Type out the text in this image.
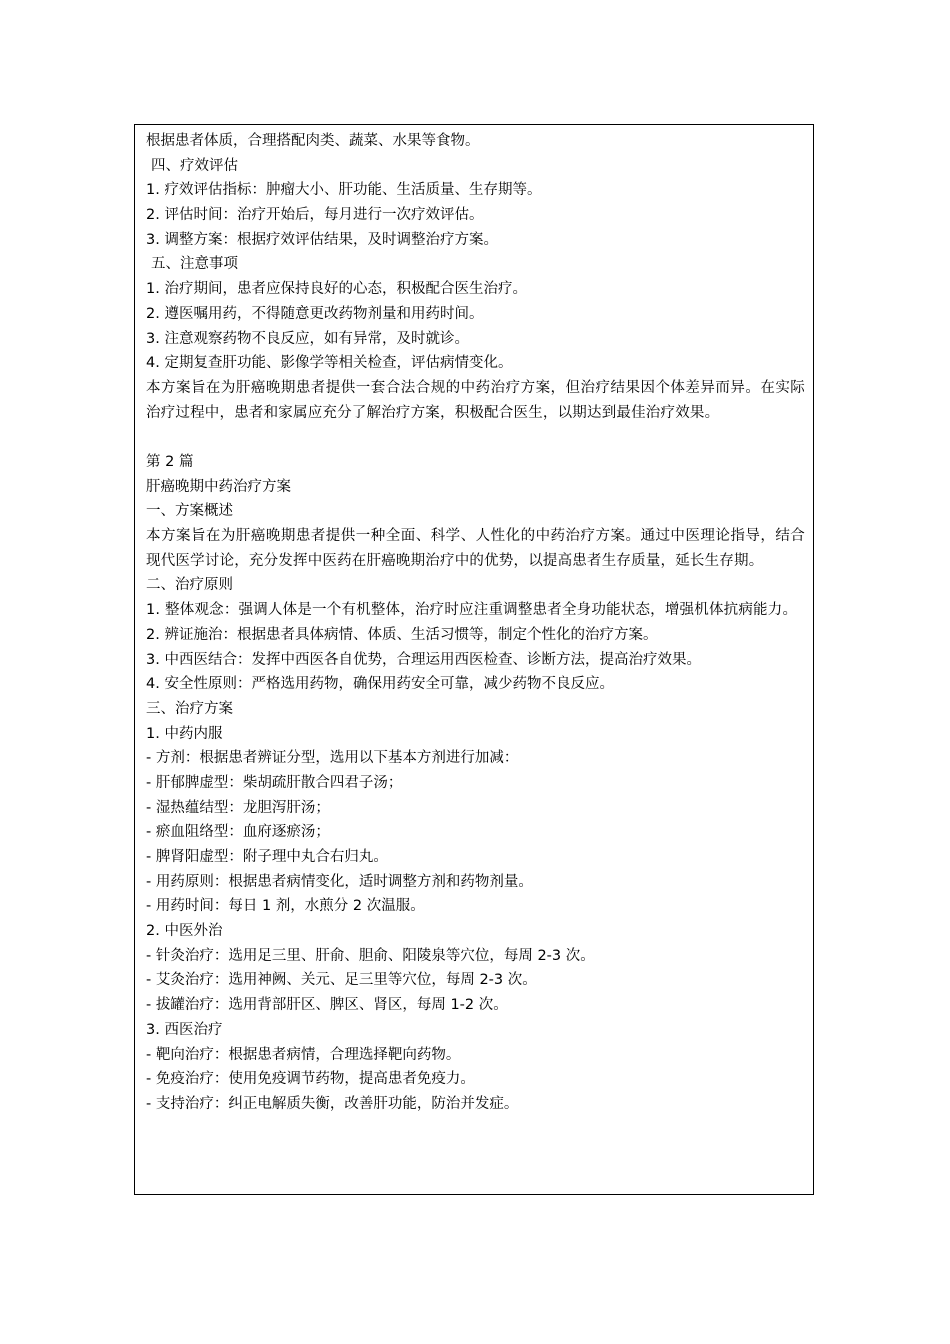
根据患者体质，合理搭配肉类、蔬菜、水果等食物。
四、疗效评估
1. 疗效评估指标：肿瘤大小、肝功能、生活质量、生存期等。
2. 评估时间：治疗开始后，每月进行一次疗效评估。
3. 调整方案：根据疗效评估结果，及时调整治疗方案。
五、注意事项
1. 治疗期间，患者应保持良好的心态，积极配合医生治疗。
2. 遵医嘱用药，不得随意更改药物剂量和用药时间。
3. 注意观察药物不良反应，如有异常，及时就诊。
4. 定期复查肝功能、影像学等相关检查，评估病情变化。
本方案旨在为肝癌晚期患者提供一套合法合规的中药治疗方案，但治疗结果因个体差异而异。在实际治疗过程中，患者和家属应充分了解治疗方案，积极配合医生，以期达到最佳治疗效果。
第 2 篇
肝癌晚期中药治疗方案
一、方案概述
本方案旨在为肝癌晚期患者提供一种全面、科学、人性化的中药治疗方案。通过中医理论指导，结合现代医学讨论，充分发挥中医药在肝癌晚期治疗中的优势，以提高患者生存质量，延长生存期。
二、治疗原则
1. 整体观念：强调人体是一个有机整体，治疗时应注重调整患者全身功能状态，增强机体抗病能力。
2. 辨证施治：根据患者具体病情、体质、生活习惯等，制定个性化的治疗方案。
3. 中西医结合：发挥中西医各自优势，合理运用西医检查、诊断方法，提高治疗效果。
4. 安全性原则：严格选用药物，确保用药安全可靠，减少药物不良反应。
三、治疗方案
1. 中药内服
- 方剂：根据患者辨证分型，选用以下基本方剂进行加减：
- 肝郁脾虚型：柴胡疏肝散合四君子汤；
- 湿热蕴结型：龙胆泻肝汤；
- 瘀血阻络型：血府逐瘀汤；
- 脾肾阳虚型：附子理中丸合右归丸。
- 用药原则：根据患者病情变化，适时调整方剂和药物剂量。
- 用药时间：每日 1 剂，水煎分 2 次温服。
2. 中医外治
- 针灸治疗：选用足三里、肝俞、胆俞、阳陵泉等穴位，每周 2-3 次。
- 艾灸治疗：选用神阙、关元、足三里等穴位，每周 2-3 次。
- 拔罐治疗：选用背部肝区、脾区、肾区，每周 1-2 次。
3. 西医治疗
- 靶向治疗：根据患者病情，合理选择靶向药物。
- 免疫治疗：使用免疫调节药物，提高患者免疫力。
- 支持治疗：纠正电解质失衡，改善肝功能，防治并发症。
